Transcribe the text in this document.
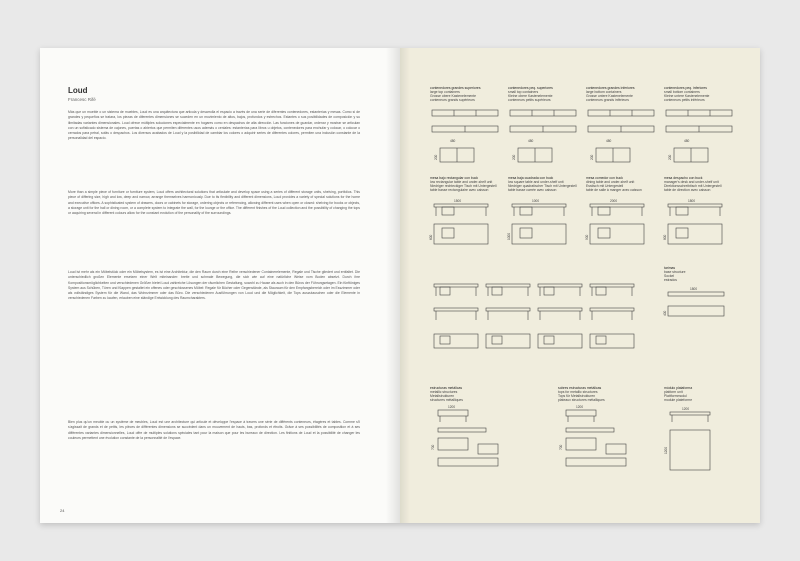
Loud
Francesc Rifé
Más que un mueble o un sistema de muebles, Loud es una arquitectura que articula y desarrolla el espacio a través de una serie de diferentes contenedores, estanterías y mesas. Como si de grandes y pequeños se tratara, los piezas de diferentes dimensiones se suceden en un movimiento de altos, bajos, profundos y estrechos. Estantes o sus posibilidades de composición y su ilimitadas variantes dimensionales. Loud ofrece múltiples soluciones especialmente en hogares como en despachos de alta dirección. Las funciones de guardar, ordenar y mostrar se articulan con un sofisticado sistema de cajones, puertas o abiertos que permiten diferentes usos además o ceniales: estanterías para libros u objetos, contenedores para enchufar y colocar, o colocar o cerrados para petral, sofás o despachos. Los diversos acabados de Loud y la posibilidad de cambiar los colores o adquirir series de diferentes colores, permiten una inclusión constante de la personalidad del espacio.
More than a simple piece of furniture or furniture system, Loud offers architectural solutions that articulate and develop space using a series of different storage units, shelving, portfolios. This piece of differing size, high and low, deep and narrow, arrange themselves harmoniously. Due to its flexibility and different dimensions, Loud provides a variety of special solutions for the home and executive offices. A sophisticated system of drawers, doors or cabinets for storage, ordering objects or referencing, allowing different uses when open or closed: shelving for books or objects, a storage unit for the hall or dining room, or a complete system to integrate the wall, for the lounge or the office. The different finishes of the Loud collection and the possibility of changing the tops or acquiring several in different colours allow for the constant evolution of the personality of the surroundings.
Loud ist mehr als ein Möbelstück oder ein Möbelsystem, es ist eine Architektur, die den Raum durch eine Reihe verschiedener Containerelemente, Regale und Tische gliedert und entfaltet. Die unterschiedlich großen Elemente ersetzen einer Welt miteinander: breite und schmale Bewegung, die sich wie auf eine natürliche Weise vom Boden absetzt. Durch ihre Kompositionsmöglichkeiten und verschiedenen Größen bietet Loud zahlreiche Lösungen der räumlichen Gestaltung, sowohl zu Hause als auch in den Büros der Führungsetagen. Ein fünftöniges System aus Schüben, Türen und Klappen gestaltet ein offenes oder geschlossenes Möbel: Regale für Bücher oder Gegenstände, als Stauraum für den Empfangsbereich oder im Esszimmer oder als vollständiges System für die Wand, das Wohnzimmer oder das Büro. Die verschiedenen Ausführungen von Loud und die Möglichkeit, die Tops auszutauschen oder die Elemente in verschiedenen Farben zu kaufen, erlauben eine ständige Entwicklung des Raumcharakters.
Bien plus qu'un meuble ou un système de meubles, Loud est une architecture qui articule et développe l'espace à travers une série de différents conteneurs, étagères et tables. Comme s'il s'agissait de grands et de petits, les pièces de différentes dimensions se succèdent dans un mouvement de hauts, bas, profonds et étroits. Grâce à ses possibilités de composition et à ses différentes variantes dimensionnelles, Loud offre de multiples solutions spéciales tant pour la maison que pour les bureaux de direction. Les finitions de Loud et la possibilité de changer les couleurs permettent une évolution constante de la personnalité de l'espace.
24
contenedores grandes superiores
large top containers
Grosse obere Kastenelemente
conteneurs grands supérieurs
480
200
contenedores peq. superiores
small top containers
Kleine obere Kastenelemente
conteneurs petits supérieurs
480
200
contenedores grandes inferiores
large bottom containers
Grosse untere Kastenelemente
conteneurs grands inférieurs
480
200
contenedores peq. inferiores
small bottom containers
Kleine untere Kastenelemente
conteneurs petits inférieurs
480
200
mesa bajo rectangular con buck
low rectangular table and under-shelf unit
Niedriger rechteckiger Tisch mit Untergestell
table basse rectangulaire avec caisson
1500
600
mesa baja cuadrada con buck
low square table and under-shelf unit
Niedriger quadratischer Tisch mit Untergestell
table basse carrée avec caisson
1000
1000
mesa comedor con buck
dining table and under-shelf unit
Esstisch mit Untergestell
table de salle à manger avec caisson
2000
900
mesa despacho con buck
manager's desk and under-shelf unit
Direktionsschreibtisch mit Untergestell
table de direction avec caisson
1800
800
tarimas
base structure
Sockel
estrados
1800
400
estructuras metálicas
metallic structures
Metallstrukturen
structures métalliques
1200
700
sobres estructuras metálicas
tops for metallic structures
Tops für Metallstrukturen
plateaux structures métalliques
1200
700
módulo plataforma
platform unit
Plattformmodul
module plateforme
1200
1200
